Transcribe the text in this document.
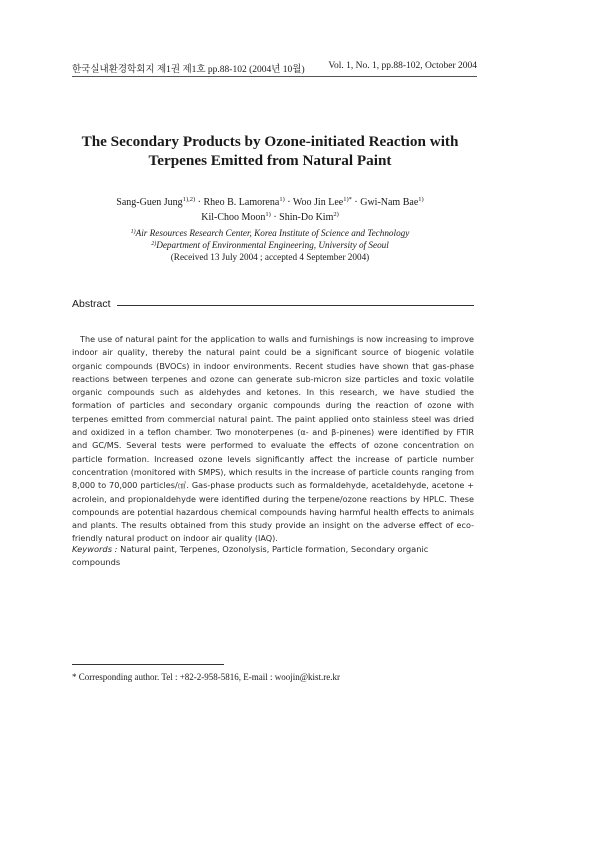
한국실내환경학회지 제1권 제1호 pp.88-102 (2004년 10월) Vol. 1, No. 1, pp.88-102, October 2004
The Secondary Products by Ozone-initiated Reaction with
Terpenes Emitted from Natural Paint
Sang-Guen Jung$^{1),2)}$ · Rheo B. Lamorena$^{1)}$ · Woo Jin Lee$^{1)*}$ · Gwi-Nam Bae$^{1)}$
Kil-Choo Moon$^{1)}$ · Shin-Do Kim$^{2)}$
$^{1)}$Air Resources Research Center, Korea Institute of Science and Technology
$^{2)}$Department of Environmental Engineering, University of Seoul
(Received 13 July 2004 ; accepted 4 September 2004)
Abstract
The use of natural paint for the application to walls and furnishings is now increasing to improve indoor air quality, thereby the natural paint could be a significant source of biogenic volatile organic compounds (BVOCs) in indoor environments. Recent studies have shown that gas-phase reactions between terpenes and ozone can generate sub-micron size particles and toxic volatile organic compounds such as aldehydes and ketones. In this research, we have studied the formation of particles and secondary organic compounds during the reaction of ozone with terpenes emitted from commercial natural paint. The paint applied onto stainless steel was dried and oxidized in a teflon chamber. Two monoterpenes (α- and β-pinenes) were identified by FTIR and GC/MS. Several tests were performed to evaluate the effects of ozone concentration on particle formation. Increased ozone levels significantly affect the increase of particle number concentration (monitored with SMPS), which results in the increase of particle counts ranging from 8,000 to 70,000 particles/㎤. Gas-phase products such as formaldehyde, acetaldehyde, acetone + acrolein, and propionaldehyde were identified during the terpene/ozone reactions by HPLC. These compounds are potential hazardous chemical compounds having harmful health effects to animals and plants. The results obtained from this study provide an insight on the adverse effect of eco-friendly natural product on indoor air quality (IAQ).
Keywords : Natural paint, Terpenes, Ozonolysis, Particle formation, Secondary organic compounds
* Corresponding author. Tel : +82-2-958-5816, E-mail : woojin@kist.re.kr
